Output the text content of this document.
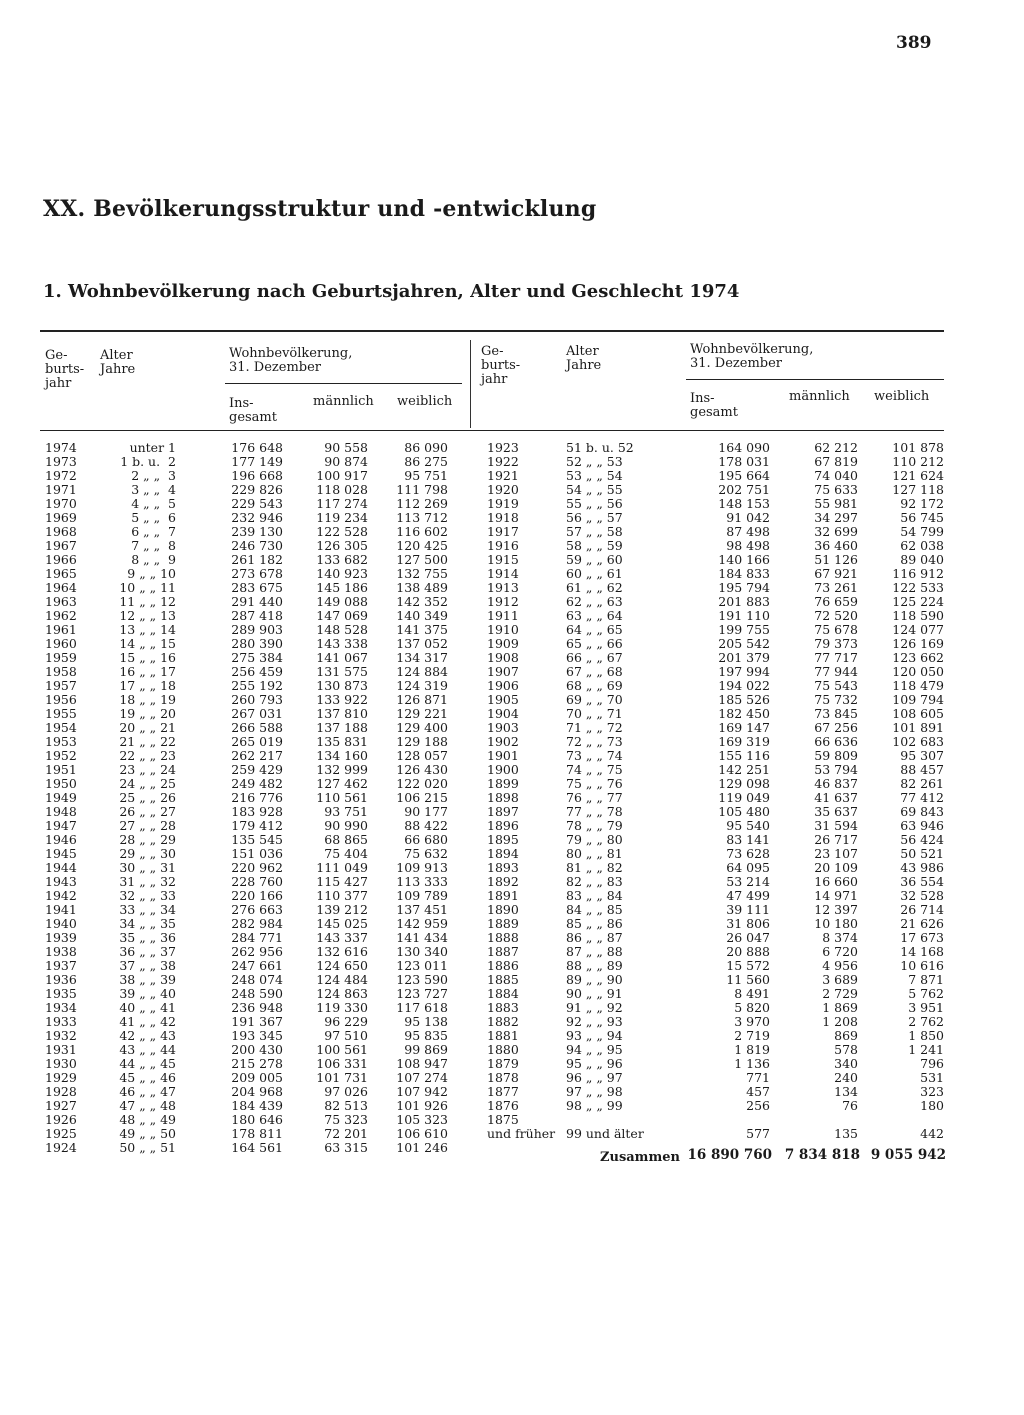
389
XX. Bevölkerungsstruktur und -entwicklung
1. Wohnbevölkerung nach Geburtsjahren, Alter und Geschlecht 1974
Ge-
burts-
jahr
Alter
Jahre
Wohnbevölkerung,
31. Dezember
Ins-
gesamt
männlich weiblich
Ge-
burts-
jahr
Alter
Jahre
Wohnbevölkerung,
31. Dezember
Ins-
gesamt
männlich weiblich
1974
1973
1972
1971
1970
1969
1968
1967
1966
1965
1964
1963
1962
1961
1960
1959
1958
1957
1956
1955
1954
1953
1952
1951
1950
1949
1948
1947
1946
1945
1944
1943
1942
1941
1940
1939
1938
1937
1936
1935
1934
1933
1932
1931
1930
1929
1928
1927
1926
1925
1924
unter 1
1 b. u.  2
2 „ „  3
3 „ „  4
4 „ „  5
5 „ „  6
6 „ „  7
7 „ „  8
8 „ „  9
9 „ „ 10
10 „ „ 11
11 „ „ 12
12 „ „ 13
13 „ „ 14
14 „ „ 15
15 „ „ 16
16 „ „ 17
17 „ „ 18
18 „ „ 19
19 „ „ 20
20 „ „ 21
21 „ „ 22
22 „ „ 23
23 „ „ 24
24 „ „ 25
25 „ „ 26
26 „ „ 27
27 „ „ 28
28 „ „ 29
29 „ „ 30
30 „ „ 31
31 „ „ 32
32 „ „ 33
33 „ „ 34
34 „ „ 35
35 „ „ 36
36 „ „ 37
37 „ „ 38
38 „ „ 39
39 „ „ 40
40 „ „ 41
41 „ „ 42
42 „ „ 43
43 „ „ 44
44 „ „ 45
45 „ „ 46
46 „ „ 47
47 „ „ 48
48 „ „ 49
49 „ „ 50
50 „ „ 51
176 648
177 149
196 668
229 826
229 543
232 946
239 130
246 730
261 182
273 678
283 675
291 440
287 418
289 903
280 390
275 384
256 459
255 192
260 793
267 031
266 588
265 019
262 217
259 429
249 482
216 776
183 928
179 412
135 545
151 036
220 962
228 760
220 166
276 663
282 984
284 771
262 956
247 661
248 074
248 590
236 948
191 367
193 345
200 430
215 278
209 005
204 968
184 439
180 646
178 811
164 561
90 558
90 874
100 917
118 028
117 274
119 234
122 528
126 305
133 682
140 923
145 186
149 088
147 069
148 528
143 338
141 067
131 575
130 873
133 922
137 810
137 188
135 831
134 160
132 999
127 462
110 561
93 751
90 990
68 865
75 404
111 049
115 427
110 377
139 212
145 025
143 337
132 616
124 650
124 484
124 863
119 330
96 229
97 510
100 561
106 331
101 731
97 026
82 513
75 323
72 201
63 315
86 090
86 275
95 751
111 798
112 269
113 712
116 602
120 425
127 500
132 755
138 489
142 352
140 349
141 375
137 052
134 317
124 884
124 319
126 871
129 221
129 400
129 188
128 057
126 430
122 020
106 215
90 177
88 422
66 680
75 632
109 913
113 333
109 789
137 451
142 959
141 434
130 340
123 011
123 590
123 727
117 618
95 138
95 835
99 869
108 947
107 274
107 942
101 926
105 323
106 610
101 246
1923
1922
1921
1920
1919
1918
1917
1916
1915
1914
1913
1912
1911
1910
1909
1908
1907
1906
1905
1904
1903
1902
1901
1900
1899
1898
1897
1896
1895
1894
1893
1892
1891
1890
1889
1888
1887
1886
1885
1884
1883
1882
1881
1880
1879
1878
1877
1876
1875
und früher
51 b. u. 52
52 „ „ 53
53 „ „ 54
54 „ „ 55
55 „ „ 56
56 „ „ 57
57 „ „ 58
58 „ „ 59
59 „ „ 60
60 „ „ 61
61 „ „ 62
62 „ „ 63
63 „ „ 64
64 „ „ 65
65 „ „ 66
66 „ „ 67
67 „ „ 68
68 „ „ 69
69 „ „ 70
70 „ „ 71
71 „ „ 72
72 „ „ 73
73 „ „ 74
74 „ „ 75
75 „ „ 76
76 „ „ 77
77 „ „ 78
78 „ „ 79
79 „ „ 80
80 „ „ 81
81 „ „ 82
82 „ „ 83
83 „ „ 84
84 „ „ 85
85 „ „ 86
86 „ „ 87
87 „ „ 88
88 „ „ 89
89 „ „ 90
90 „ „ 91
91 „ „ 92
92 „ „ 93
93 „ „ 94
94 „ „ 95
95 „ „ 96
96 „ „ 97
97 „ „ 98
98 „ „ 99
99 und älter
164 090
178 031
195 664
202 751
148 153
91 042
87 498
98 498
140 166
184 833
195 794
201 883
191 110
199 755
205 542
201 379
197 994
194 022
185 526
182 450
169 147
169 319
155 116
142 251
129 098
119 049
105 480
95 540
83 141
73 628
64 095
53 214
47 499
39 111
31 806
26 047
20 888
15 572
11 560
8 491
5 820
3 970
2 719
1 819
1 136
771
457
256
577
62 212
67 819
74 040
75 633
55 981
34 297
32 699
36 460
51 126
67 921
73 261
76 659
72 520
75 678
79 373
77 717
77 944
75 543
75 732
73 845
67 256
66 636
59 809
53 794
46 837
41 637
35 637
31 594
26 717
23 107
20 109
16 660
14 971
12 397
10 180
8 374
6 720
4 956
3 689
2 729
1 869
1 208
869
578
340
240
134
76
135
101 878
110 212
121 624
127 118
92 172
56 745
54 799
62 038
89 040
116 912
122 533
125 224
118 590
124 077
126 169
123 662
120 050
118 479
109 794
108 605
101 891
102 683
95 307
88 457
82 261
77 412
69 843
63 946
56 424
50 521
43 986
36 554
32 528
26 714
21 626
17 673
14 168
10 616
7 871
5 762
3 951
2 762
1 850
1 241
796
531
323
180
442
Zusammen 16 890 760 7 834 818 9 055 942
